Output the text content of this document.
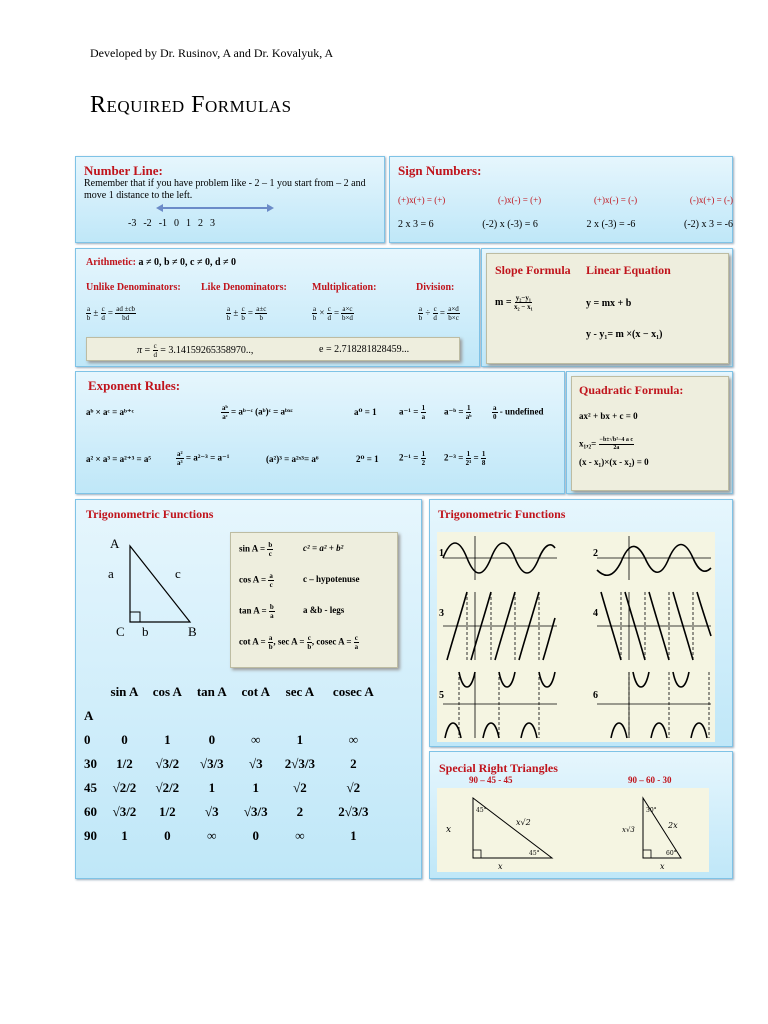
Developed by Dr. Rusinov, A and Dr. Kovalyuk, A
Required Formulas
Number Line:
Remember that if you have problem like - 2 – 1 you start from – 2 and move 1 distance to the left.
-3 -2 -1 0 1 2 3
Sign Numbers:
(+)x(+) = (+)	(-)x(-) = (+)	(+)x(-) = (-)	(-)x(+) = (-)
2 x 3 = 6	(-2) x (-3) = 6	2 x (-3) = -6	(-2) x 3 = -6
Arithmetic: a ≠ 0, b ≠ 0, c ≠ 0, d ≠ 0
Unlike Denominators: Like Denominators:	Multiplication:	Division:
$\frac{a}{b} \pm \frac{c}{d} = \frac{ad \pm cb}{bd}$	$\frac{a}{b} \pm \frac{c}{b} = \frac{a\pm c}{b}$	$\frac{a}{b} \times \frac{c}{d} = \frac{a\times c}{b\times d}$	$\frac{a}{b} \div \frac{c}{d} = \frac{a\times d}{b\times c}$
$\pi = \frac{c}{d} = 3.14159265358970$..,	e = 2.718281828459...
Slope Formula Linear Equation
$m = \frac{\text{y₂−y₁}}{\text{x₂ − x₁}}$	y = mx + b
y - y₁= m ×(x − x₁)
Exponent Rules:
aᵇ × aᶜ = aᵇ⁺ᶜ	$\frac{\text{aᵇ}}{\text{aᶜ}}$ = aᵇ⁻ᶜ (aᵇ)ᶜ = aᵇˣᶜ	a⁰ = 1 $a^{-1} = \frac{1}{a}$ a⁻ᵇ = $\frac{1}{\text{aᵇ}}$	$\frac{a}{0}$ - undefined
a² × a³ = a²⁺³ = a⁵	$\frac{\text{a²}}{\text{a³}} = a^{2-3} = a^{-1}$	(a²)³ = a²ˣ³= a⁶	2⁰ = 1 $2^{-1} = \frac{1}{2} 2^{-3} = \frac{1}{\text{2³}} = \frac{1}{8}$
Quadratic Formula:
ax² + bx + c = 0
$x_1,_2= \frac{\text{−b±√b²−4 a c}}{2a}$
(x - x₁)×(x - x₂) = 0
Trigonometric Functions
A
a	c
C b	B
$\sin A = \frac{b}{c}$	c² = a² + b²
$\cos A = \frac{a}{c}$	c – hypotenuse
$\tan A = \frac{b}{a}$	a &b - legs
$\cot A = \frac{a}{b}$ , $\sec A = \frac{c}{b}$ , cosec $A = \frac{c}{a}$
	sin A	cos A	tan A	cot A	sec A	cosec A
A						
0	0	1	0	∞	1	∞
30	1/2	√3/2	√3/3	√3	2√3/3	2
45	√2/2	√2/2	1	1	√2	√2
60	√3/2	1/2	√3	√3/3	2	2√3/3
90	1	0	∞	0	∞	1
Trigonometric Functions
1	2
3	4
5	6
Special Right Triangles
90 – 45 - 45	90 – 60 - 30
45°
45°
x
x√2
x
30°
60°
x√3	2x
x
